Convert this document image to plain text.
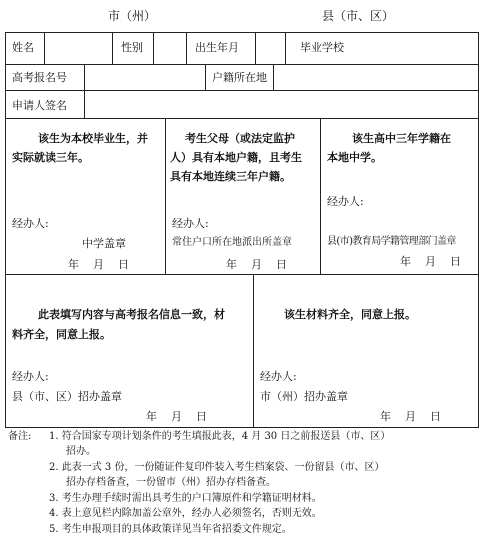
市（州）	县（市、区）
姓名	性别	出生年月	毕业学校
高考报名号	户籍所在地
申请人签名
该生为本校毕业生，并
实际就读三年。
经办人:
中学盖章
年    月    日
考生父母（或法定监护
人）具有本地户籍，且考生
具有本地连续三年户籍。
经办人:
常住户口所在地派出所盖章
年    月    日
该生高中三年学籍在
本地中学。
经办人:
县(市)教育局学籍管理部门盖章
年    月    日
此表填写内容与高考报名信息一致，材
料齐全，同意上报。
经办人:
县（市、区）招办盖章
年    月    日
该生材料齐全，同意上报。
经办人:
市（州）招办盖章
年    月    日
备注: 1. 符合国家专项计划条件的考生填报此表，4 月 30 日之前报送县（市、区）
招办。
2. 此表一式 3 份，一份随证件复印件装入考生档案袋、一份留县（市、区）
招办存档备查，一份留市（州）招办存档备查。
3. 考生办理手续时需出具考生的户口簿原件和学籍证明材料。
4. 表上意见栏内除加盖公章外，经办人必须签名，否则无效。
5. 考生申报项目的具体政策详见当年省招委文件规定。
